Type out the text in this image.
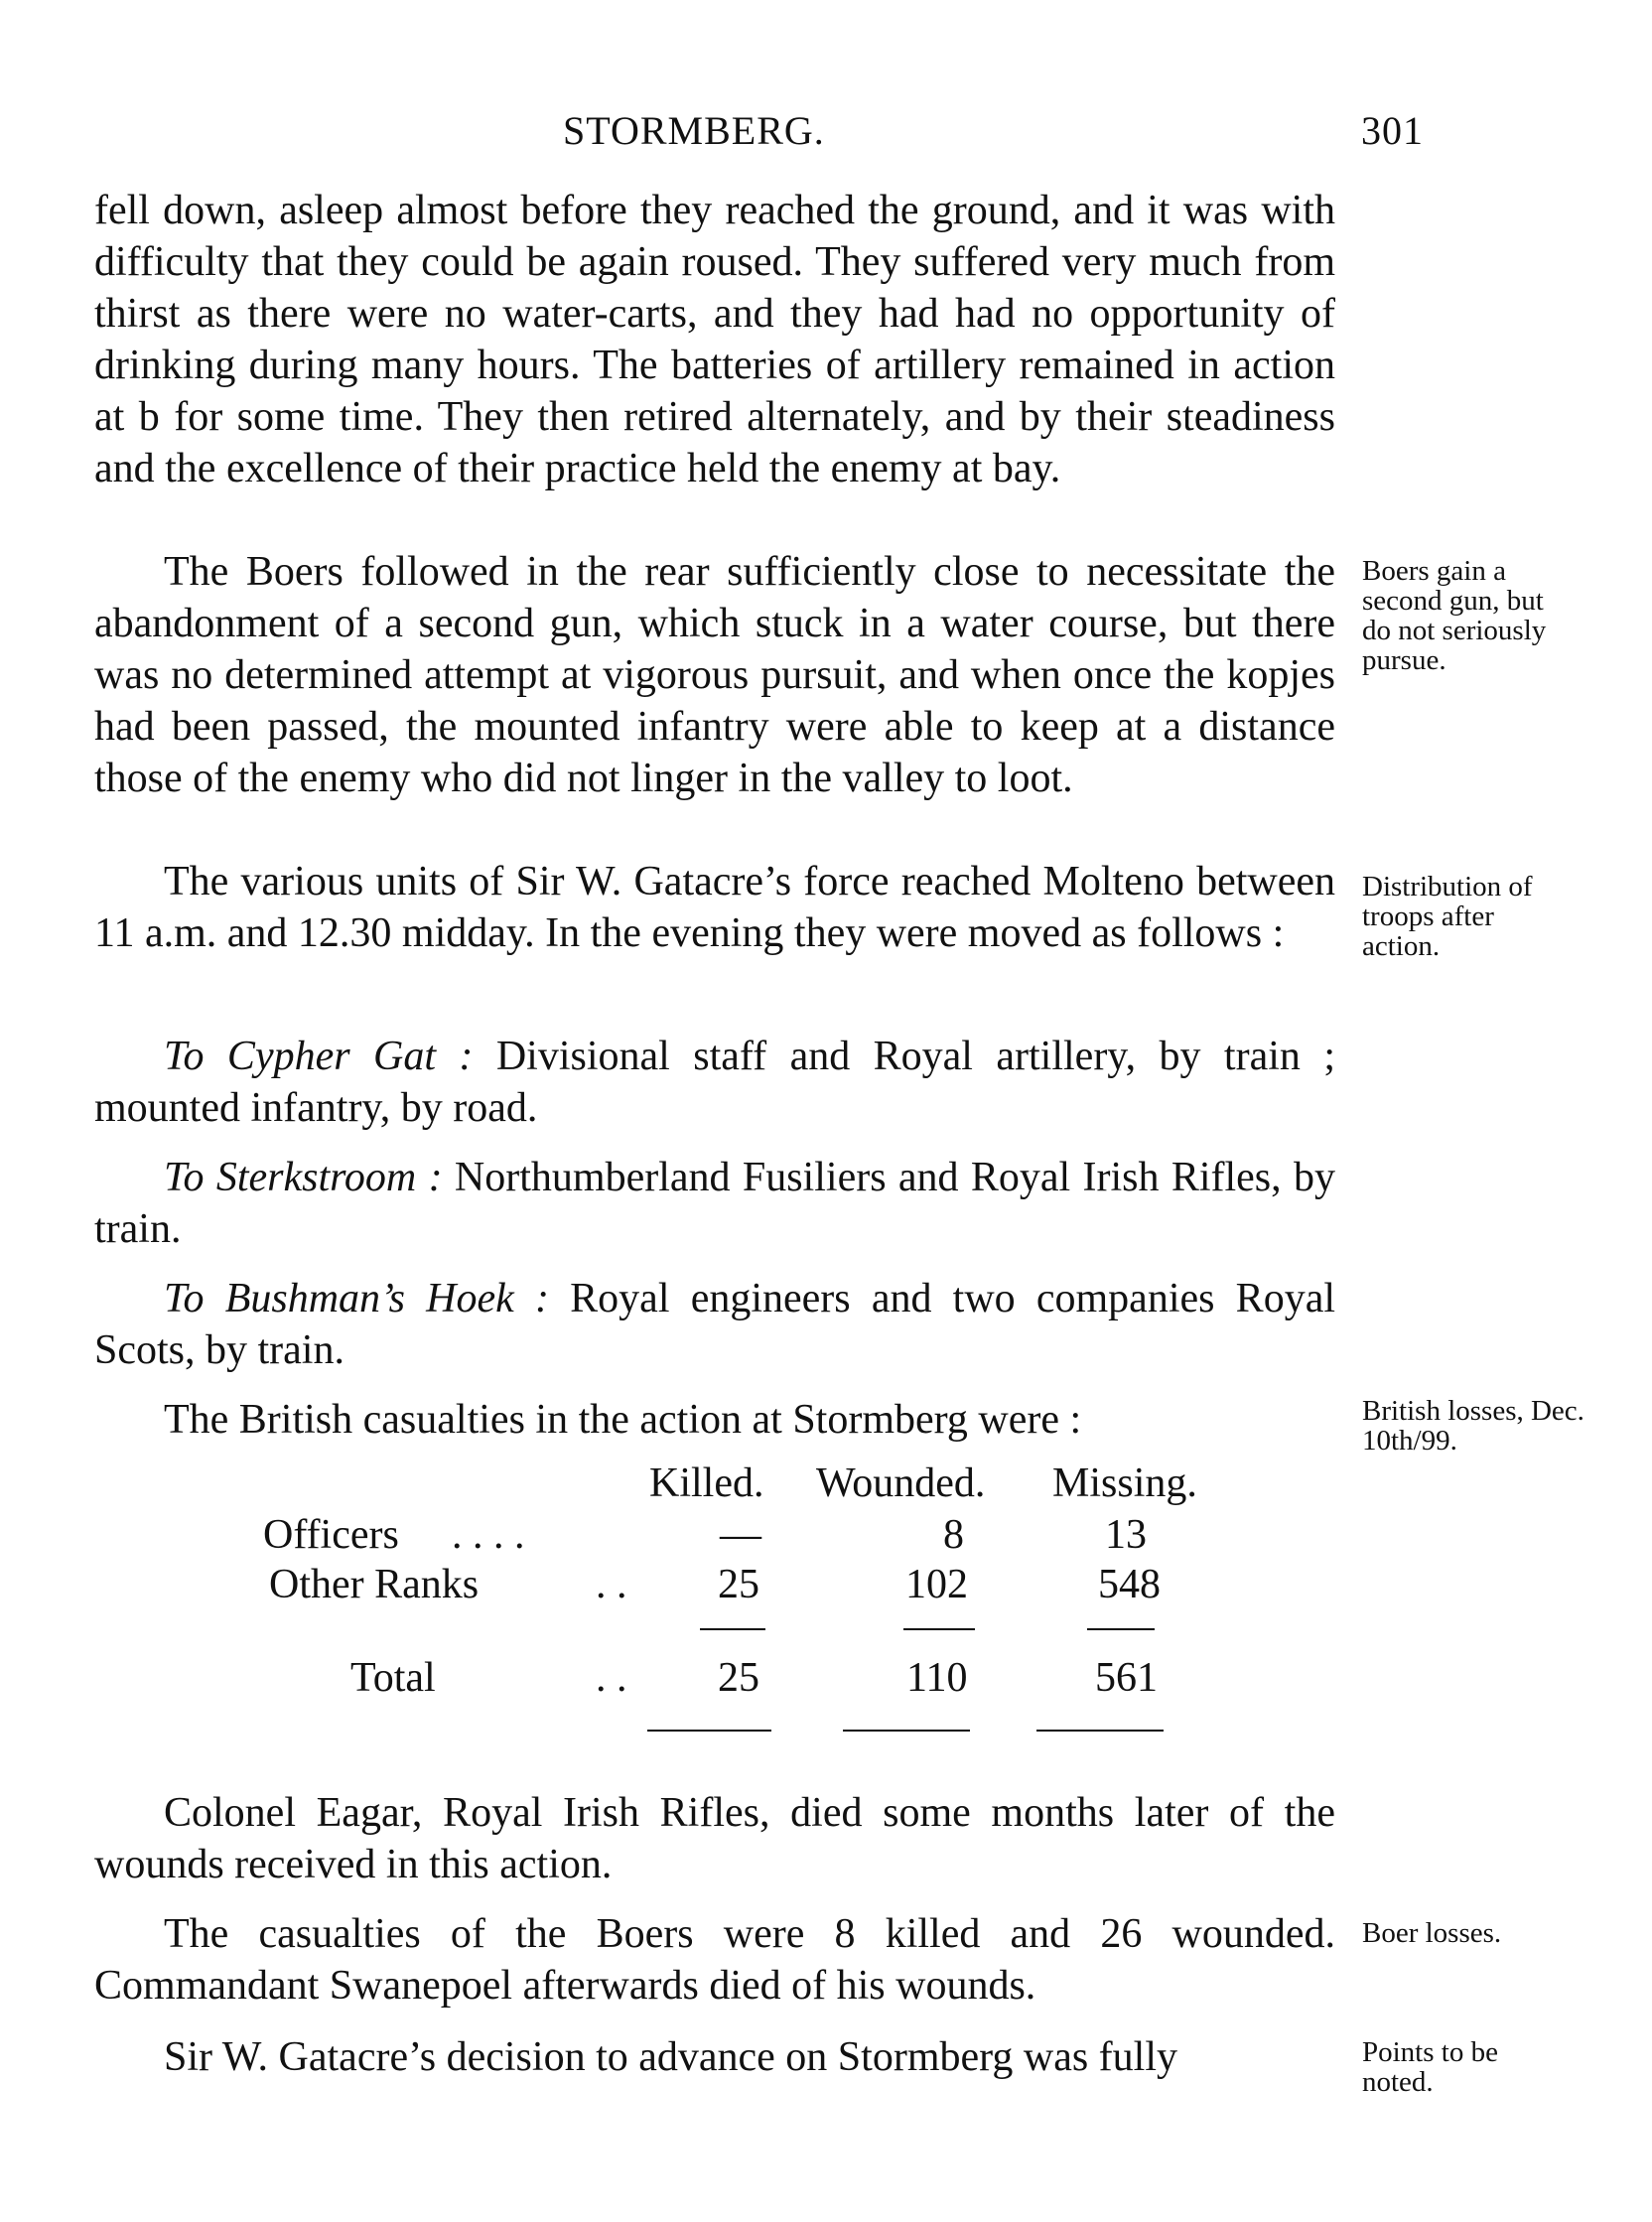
STORMBERG.	301

fell down, asleep almost before they reached the ground, and it was with difficulty that they could be again roused. They suffered very much from thirst as there were no water-carts, and they had had no opportunity of drinking during many hours. The batteries of artillery remained in action at b for some time. They then retired alternately, and by their steadiness and the excellence of their practice held the enemy at bay.

The Boers followed in the rear sufficiently close to necessitate the abandonment of a second gun, which stuck in a water course, but there was no determined attempt at vigorous pursuit, and when once the kopjes had been passed, the mounted infantry were able to keep at a distance those of the enemy who did not linger in the valley to loot.

The various units of Sir W. Gatacre’s force reached Molteno between 11 a.m. and 12.30 midday. In the evening they were moved as follows :

To Cypher Gat : Divisional staff and Royal artillery, by train ; mounted infantry, by road.

To Sterkstroom : Northumberland Fusiliers and Royal Irish Rifles, by train.

To Bushman’s Hoek : Royal engineers and two companies Royal Scots, by train.

The British casualties in the action at Stormberg were :

Killed. Wounded. Missing.
Officers . . . .	—	8	13
Other Ranks	. . 25	102	548
Total	. . 25	110	561

Colonel Eagar, Royal Irish Rifles, died some months later of the wounds received in this action.

The casualties of the Boers were 8 killed and 26 wounded. Commandant Swanepoel afterwards died of his wounds.

Sir W. Gatacre’s decision to advance on Stormberg was fully

Boers gain a second gun, but do not seriously pursue.
Distribution of troops after action.
British losses, Dec. 10th/99.
Boer losses.
Points to be noted.
